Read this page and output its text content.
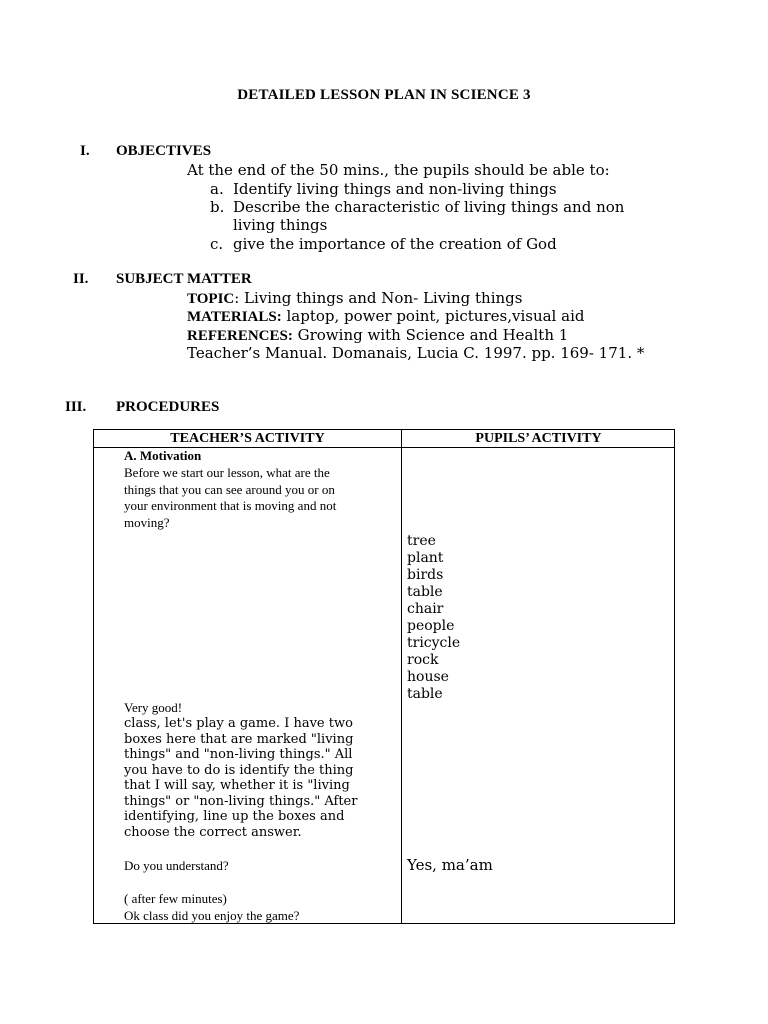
DETAILED LESSON PLAN IN SCIENCE 3
I. OBJECTIVES
At the end of the 50 mins., the pupils should be able to:
a. Identify living things and non-living things
b. Describe the characteristic of living things and non
living things
c. give the importance of the creation of God
II. SUBJECT MATTER
TOPIC: Living things and Non- Living things
MATERIALS: laptop, power point, pictures,visual aid
REFERENCES: Growing with Science and Health 1
Teacher’s Manual. Domanais, Lucia C. 1997. pp. 169- 171. *
III. PROCEDURES
TEACHER’S ACTIVITY	PUPILS’ ACTIVITY
A. Motivation
Before we start our lesson, what are the
things that you can see around you or on
your environment that is moving and not
moving?
tree
plant
birds
table
chair
people
tricycle
rock
house
table
Very good!
class, let's play a game. I have two
boxes here that are marked "living
things" and "non-living things." All
you have to do is identify the thing
that I will say, whether it is "living
things" or "non-living things." After
identifying, line up the boxes and
choose the correct answer.
Do you understand?	Yes, ma’am
( after few minutes)
Ok class did you enjoy the game?
